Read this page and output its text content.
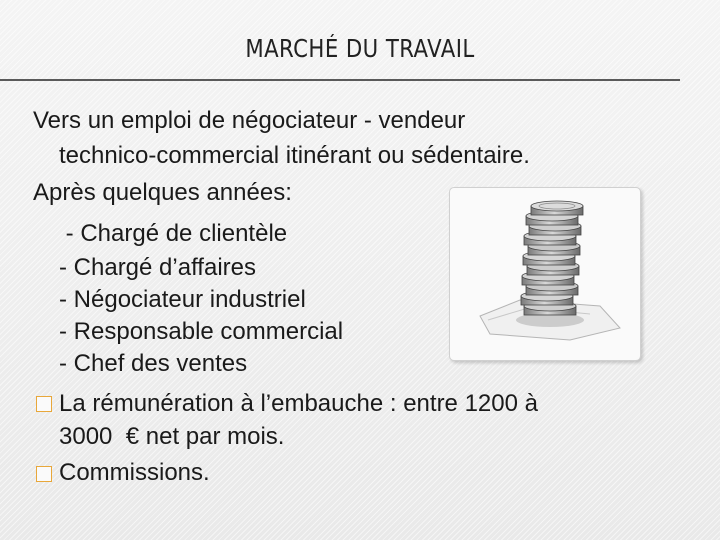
MARCHÉ DU TRAVAIL
Vers un emploi de négociateur - vendeur
technico-commercial itinérant ou sédentaire.
Après quelques années:
- Chargé de clientèle
- Chargé d’affaires
- Négociateur industriel
- Responsable commercial
- Chef des ventes
La rémunération à l’embauche : entre 1200 à
3000  € net par mois.
Commissions.
